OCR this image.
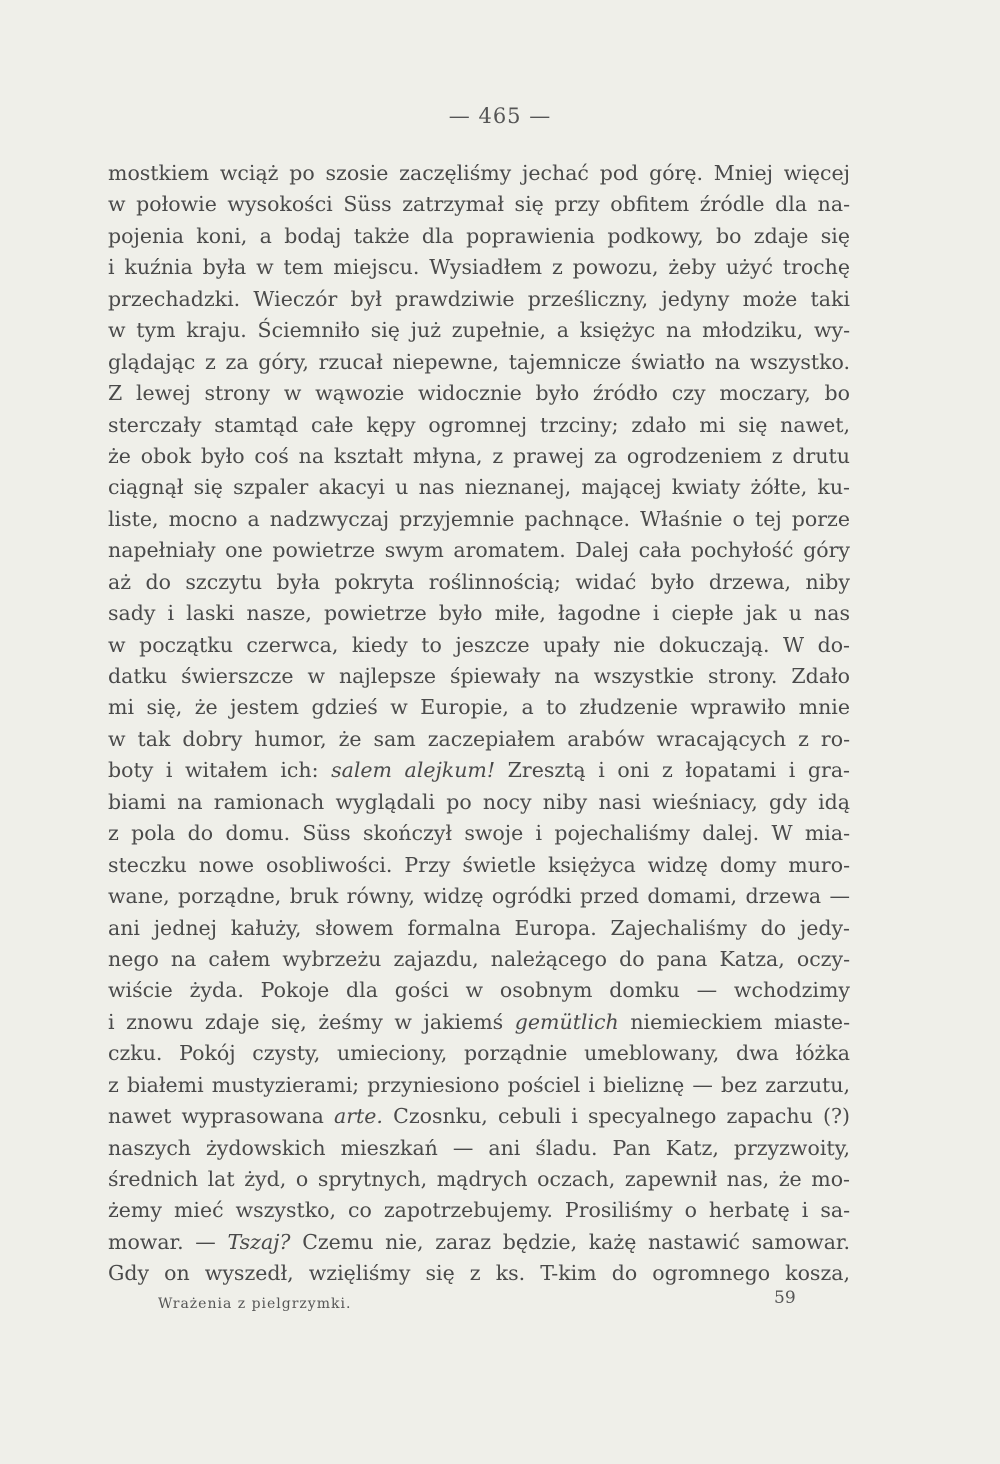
— 465 —
mostkiem wciąż po szosie zaczęliśmy jechać pod górę. Mniej więcej
w połowie wysokości Süss zatrzymał się przy obfitem źródle dla na-
pojenia koni, a bodaj także dla poprawienia podkowy, bo zdaje się
i kuźnia była w tem miejscu. Wysiadłem z powozu, żeby użyć trochę
przechadzki. Wieczór był prawdziwie prześliczny, jedyny może taki
w tym kraju. Ściemniło się już zupełnie, a księżyc na młodziku, wy-
glądając z za góry, rzucał niepewne, tajemnicze światło na wszystko.
Z lewej strony w wąwozie widocznie było źródło czy moczary, bo
sterczały stamtąd całe kępy ogromnej trzciny; zdało mi się nawet,
że obok było coś na kształt młyna, z prawej za ogrodzeniem z drutu
ciągnął się szpaler akacyi u nas nieznanej, mającej kwiaty żółte, ku-
liste, mocno a nadzwyczaj przyjemnie pachnące. Właśnie o tej porze
napełniały one powietrze swym aromatem. Dalej cała pochyłość góry
aż do szczytu była pokryta roślinnością; widać było drzewa, niby
sady i laski nasze, powietrze było miłe, łagodne i ciepłe jak u nas
w początku czerwca, kiedy to jeszcze upały nie dokuczają. W do-
datku świerszcze w najlepsze śpiewały na wszystkie strony. Zdało
mi się, że jestem gdzieś w Europie, a to złudzenie wprawiło mnie
w tak dobry humor, że sam zaczepiałem arabów wracających z ro-
boty i witałem ich: salem alejkum! Zresztą i oni z łopatami i gra-
biami na ramionach wyglądali po nocy niby nasi wieśniacy, gdy idą
z pola do domu. Süss skończył swoje i pojechaliśmy dalej. W mia-
steczku nowe osobliwości. Przy świetle księżyca widzę domy muro-
wane, porządne, bruk równy, widzę ogródki przed domami, drzewa —
ani jednej kałuży, słowem formalna Europa. Zajechaliśmy do jedy-
nego na całem wybrzeżu zajazdu, należącego do pana Katza, oczy-
wiście żyda. Pokoje dla gości w osobnym domku — wchodzimy
i znowu zdaje się, żeśmy w jakiemś gemütlich niemieckiem miaste-
czku. Pokój czysty, umieciony, porządnie umeblowany, dwa łóżka
z białemi mustyzierami; przyniesiono pościel i bieliznę — bez zarzutu,
nawet wyprasowana arte. Czosnku, cebuli i specyalnego zapachu (?)
naszych żydowskich mieszkań — ani śladu. Pan Katz, przyzwoity,
średnich lat żyd, o sprytnych, mądrych oczach, zapewnił nas, że mo-
żemy mieć wszystko, co zapotrzebujemy. Prosiliśmy o herbatę i sa-
mowar. — Tszaj? Czemu nie, zaraz będzie, każę nastawić samowar.
Gdy on wyszedł, wzięliśmy się z ks. T-kim do ogromnego kosza,
Wrażenia z pielgrzymki.	59
